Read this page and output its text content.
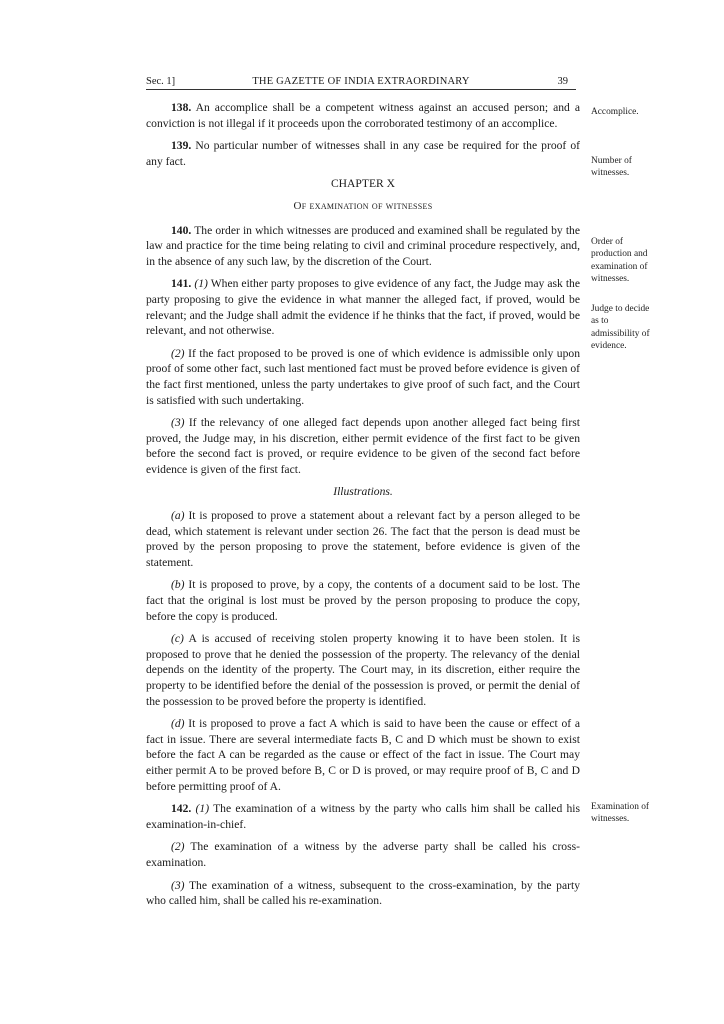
Sec. 1]	THE GAZETTE OF INDIA EXTRAORDINARY	39

138. An accomplice shall be a competent witness against an accused person; and a conviction is not illegal if it proceeds upon the corroborated testimony of an accomplice.

139. No particular number of witnesses shall in any case be required for the proof of any fact.

CHAPTER X
Of examination of witnesses

140. The order in which witnesses are produced and examined shall be regulated by the law and practice for the time being relating to civil and criminal procedure respectively, and, in the absence of any such law, by the discretion of the Court.

141. (1) When either party proposes to give evidence of any fact, the Judge may ask the party proposing to give the evidence in what manner the alleged fact, if proved, would be relevant; and the Judge shall admit the evidence if he thinks that the fact, if proved, would be relevant, and not otherwise.

(2) If the fact proposed to be proved is one of which evidence is admissible only upon proof of some other fact, such last mentioned fact must be proved before evidence is given of the fact first mentioned, unless the party undertakes to give proof of such fact, and the Court is satisfied with such undertaking.

(3) If the relevancy of one alleged fact depends upon another alleged fact being first proved, the Judge may, in his discretion, either permit evidence of the first fact to be given before the second fact is proved, or require evidence to be given of the second fact before evidence is given of the first fact.

Illustrations.

(a) It is proposed to prove a statement about a relevant fact by a person alleged to be dead, which statement is relevant under section 26. The fact that the person is dead must be proved by the person proposing to prove the statement, before evidence is given of the statement.

(b) It is proposed to prove, by a copy, the contents of a document said to be lost. The fact that the original is lost must be proved by the person proposing to produce the copy, before the copy is produced.

(c) A is accused of receiving stolen property knowing it to have been stolen. It is proposed to prove that he denied the possession of the property. The relevancy of the denial depends on the identity of the property. The Court may, in its discretion, either require the property to be identified before the denial of the possession is proved, or permit the denial of the possession to be proved before the property is identified.

(d) It is proposed to prove a fact A which is said to have been the cause or effect of a fact in issue. There are several intermediate facts B, C and D which must be shown to exist before the fact A can be regarded as the cause or effect of the fact in issue. The Court may either permit A to be proved before B, C or D is proved, or may require proof of B, C and D before permitting proof of A.

142. (1) The examination of a witness by the party who calls him shall be called his examination-in-chief.

(2) The examination of a witness by the adverse party shall be called his cross-examination.

(3) The examination of a witness, subsequent to the cross-examination, by the party who called him, shall be called his re-examination.

Accomplice.
Number of witnesses.
Order of production and examination of witnesses.
Judge to decide as to admissibility of evidence.
Examination of witnesses.
